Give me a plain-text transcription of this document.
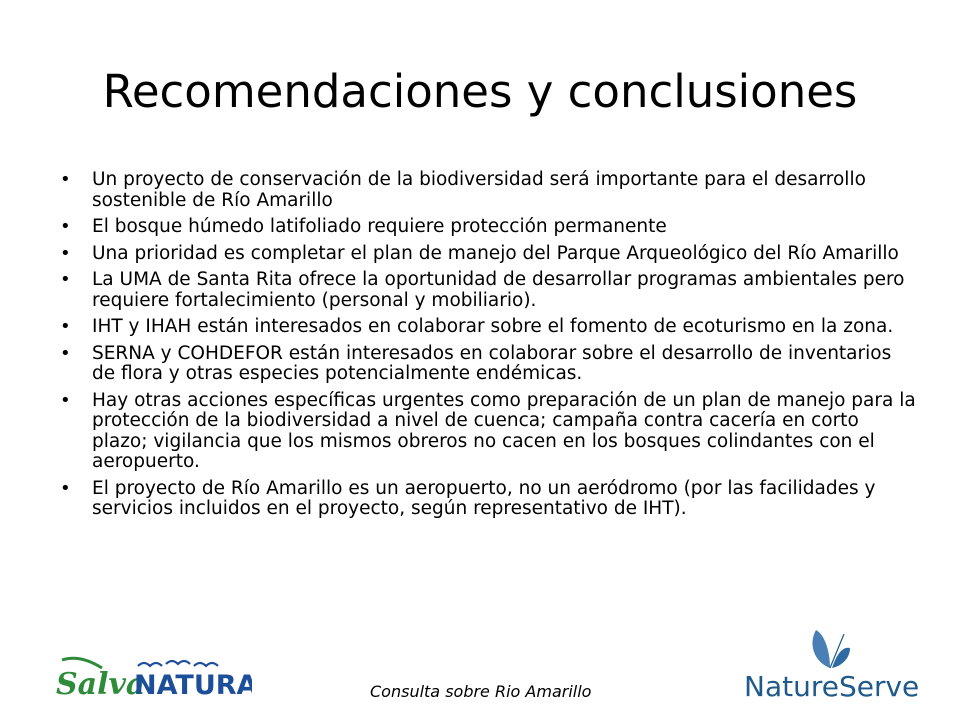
Recomendaciones y conclusiones
• Un proyecto de conservación de la biodiversidad será importante para el desarrollo sostenible de Río Amarillo
• El bosque húmedo latifoliado requiere protección permanente
• Una prioridad es completar el plan de manejo del Parque Arqueológico del Río Amarillo
• La UMA de Santa Rita ofrece la oportunidad de desarrollar programas ambientales pero requiere fortalecimiento (personal y mobiliario).
• IHT y IHAH están interesados en colaborar sobre el fomento de ecoturismo en la zona.
• SERNA y COHDEFOR están interesados en colaborar sobre el desarrollo de inventarios de flora y otras especies potencialmente endémicas.
• Hay otras acciones específicas urgentes como preparación de un plan de manejo para la protección de la biodiversidad a nivel de cuenca; campaña contra cacería en corto plazo; vigilancia que los mismos obreros no cacen en los bosques colindantes con el aeropuerto.
• El proyecto de Río Amarillo es un aeropuerto, no un aeródromo (por las facilidades y servicios incluidos en el proyecto, según representativo de IHT).
Salva
NATURA	Consulta sobre Rio Amarillo	NatureServe
